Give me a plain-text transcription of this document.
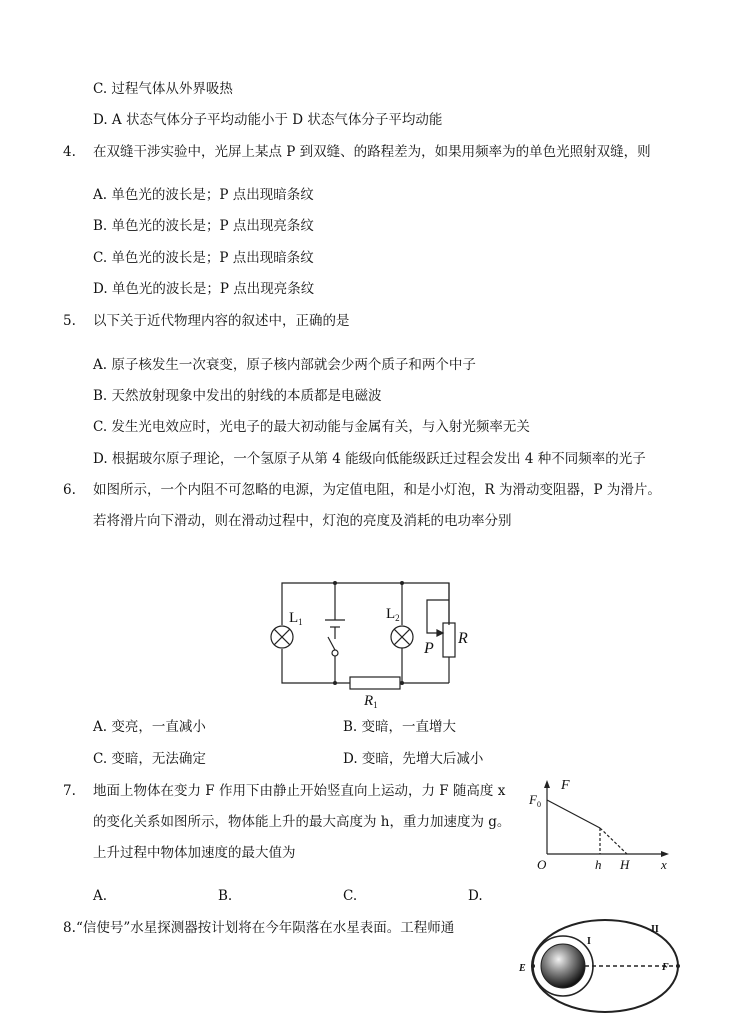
C. 过程气体从外界吸热
D. A 状态气体分子平均动能小于 D 状态气体分子平均动能
4. 在双缝干涉实验中，光屏上某点 P 到双缝、的路程差为，如果用频率为的单色光照射双缝，则
A. 单色光的波长是；P 点出现暗条纹
B. 单色光的波长是；P 点出现亮条纹
C. 单色光的波长是；P 点出现暗条纹
D. 单色光的波长是；P 点出现亮条纹
5. 以下关于近代物理内容的叙述中，正确的是
A. 原子核发生一次衰变，原子核内部就会少两个质子和两个中子
B. 天然放射现象中发出的射线的本质都是电磁波
C. 发生光电效应时，光电子的最大初动能与金属有关，与入射光频率无关
D. 根据玻尔原子理论，一个氢原子从第 4 能级向低能级跃迁过程会发出 4 种不同频率的光子
6. 如图所示，一个内阻不可忽略的电源，为定值电阻，和是小灯泡，R 为滑动变阻器，P 为滑片。
若将滑片向下滑动，则在滑动过程中，灯泡的亮度及消耗的电功率分别
$L_1$	$L_2$
R
P
$R_1$
A. 变亮，一直减小	B. 变暗，一直增大
C. 变暗，无法确定	D. 变暗，先增大后减小
7. 地面上物体在变力 F 作用下由静止开始竖直向上运动，力 F 随高度 x
的变化关系如图所示，物体能上升的最大高度为 h，重力加速度为 g。
上升过程中物体加速度的最大值为
F
$F_0$
O	h H x
A.	B.	C.	D.
8. “信使号”水星探测器按计划将在今年陨落在水星表面。工程师通
E	F
I
II
